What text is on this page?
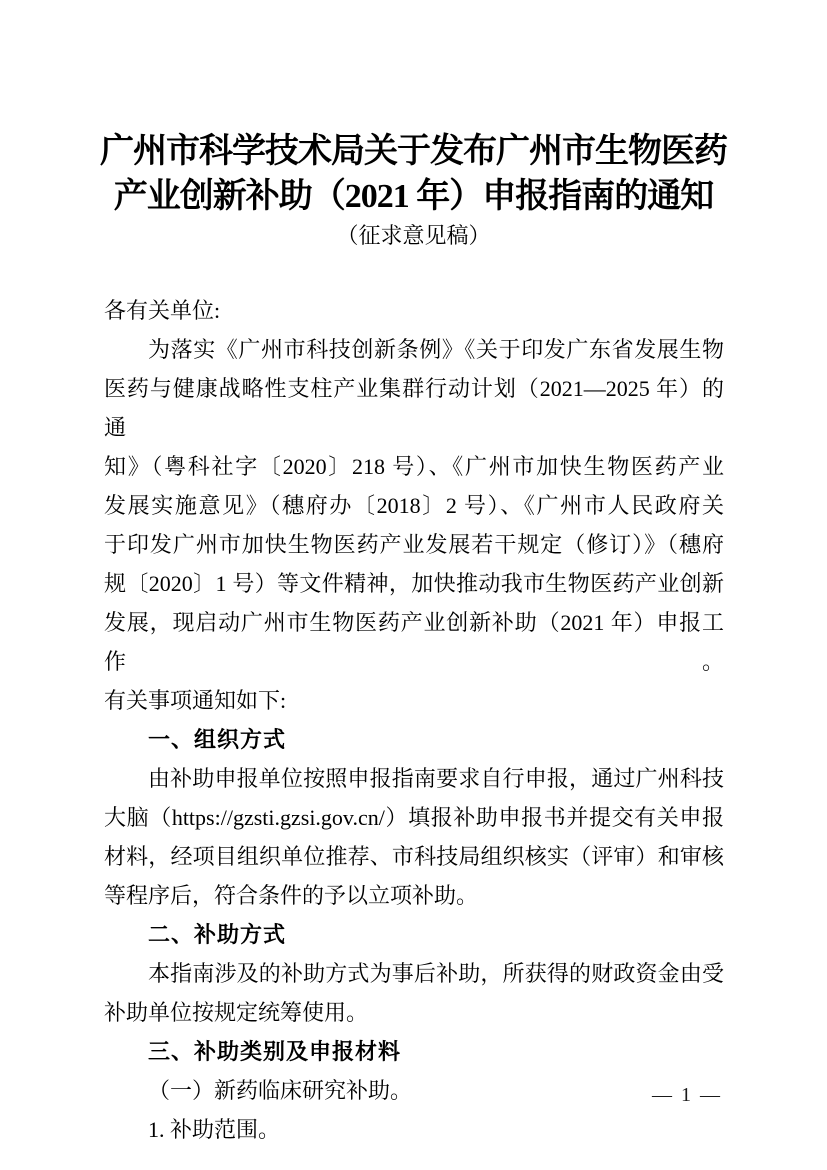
广州市科学技术局关于发布广州市生物医药
产业创新补助（2021 年）申报指南的通知
（征求意见稿）
各有关单位:
为落实《广州市科技创新条例》《关于印发广东省发展生物
医药与健康战略性支柱产业集群行动计划（2021—2025 年）的通
知》（粤科社字〔2020〕218 号）、《广州市加快生物医药产业
发展实施意见》（穗府办〔2018〕2 号）、《广州市人民政府关
于印发广州市加快生物医药产业发展若干规定（修订）》（穗府
规〔2020〕1 号）等文件精神，加快推动我市生物医药产业创新
发展，现启动广州市生物医药产业创新补助（2021 年）申报工作。
有关事项通知如下:
一、组织方式
由补助申报单位按照申报指南要求自行申报，通过广州科技
大脑（https://gzsti.gzsi.gov.cn/）填报补助申报书并提交有关申报
材料，经项目组织单位推荐、市科技局组织核实（评审）和审核
等程序后，符合条件的予以立项补助。
二、补助方式
本指南涉及的补助方式为事后补助，所获得的财政资金由受
补助单位按规定统筹使用。
三、补助类别及申报材料
（一）新药临床研究补助。
1. 补助范围。
— 1 —
